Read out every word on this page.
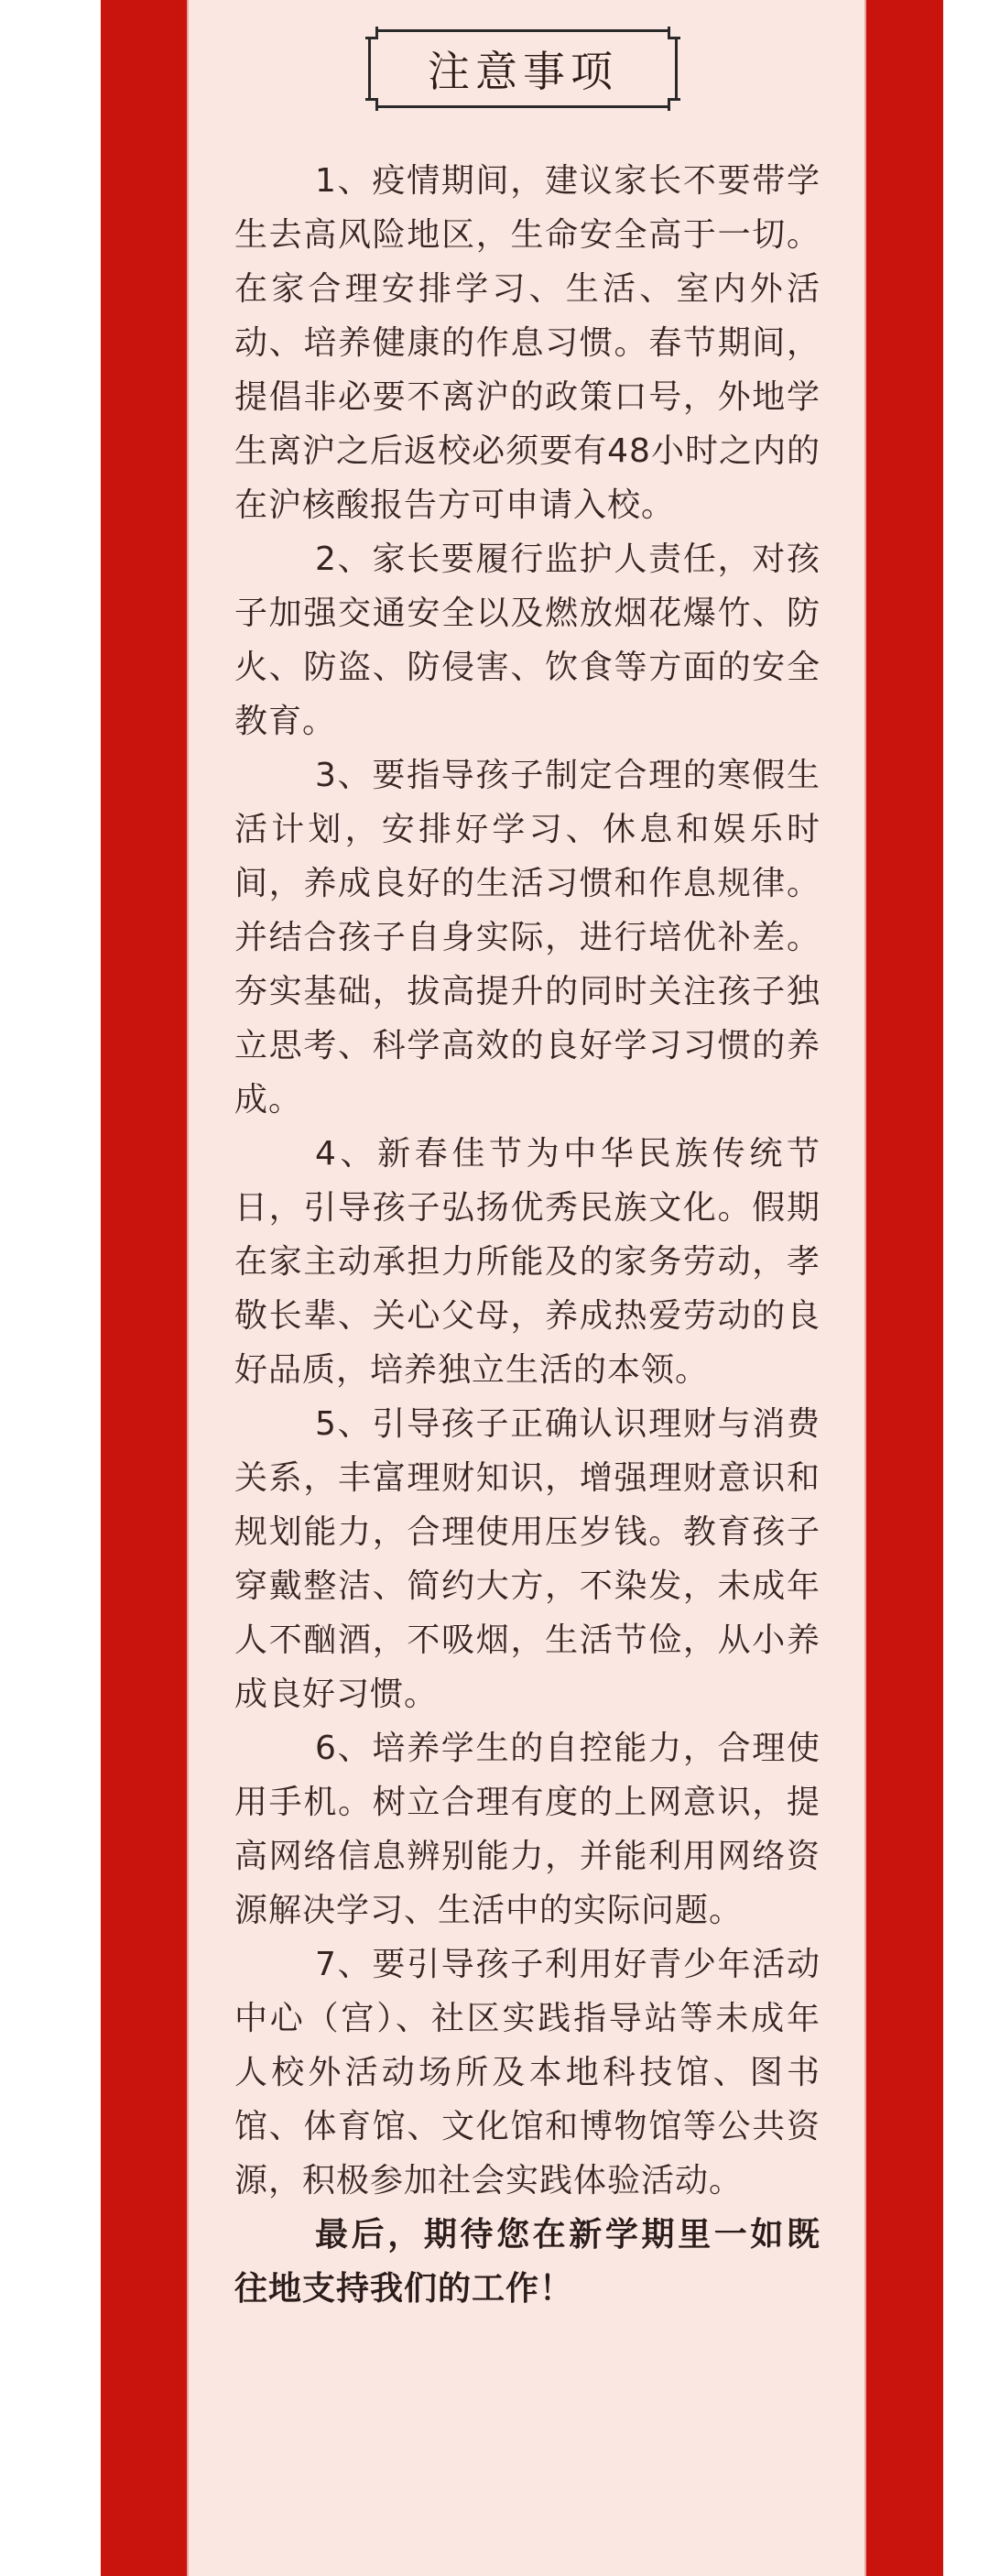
注意事项

1、疫情期间，建议家长不要带学生去高风险地区，生命安全高于一切。在家合理安排学习、生活、室内外活动、培养健康的作息习惯。春节期间，提倡非必要不离沪的政策口号，外地学生离沪之后返校必须要有48小时之内的在沪核酸报告方可申请入校。

2、家长要履行监护人责任，对孩子加强交通安全以及燃放烟花爆竹、防火、防盗、防侵害、饮食等方面的安全教育。

3、要指导孩子制定合理的寒假生活计划，安排好学习、休息和娱乐时间，养成良好的生活习惯和作息规律。并结合孩子自身实际，进行培优补差。夯实基础，拔高提升的同时关注孩子独立思考、科学高效的良好学习习惯的养成。

4、新春佳节为中华民族传统节日，引导孩子弘扬优秀民族文化。假期在家主动承担力所能及的家务劳动，孝敬长辈、关心父母，养成热爱劳动的良好品质，培养独立生活的本领。

5、引导孩子正确认识理财与消费关系，丰富理财知识，增强理财意识和规划能力，合理使用压岁钱。教育孩子穿戴整洁、简约大方，不染发，未成年人不酗酒，不吸烟，生活节俭，从小养成良好习惯。

6、培养学生的自控能力，合理使用手机。树立合理有度的上网意识，提高网络信息辨别能力，并能利用网络资源解决学习、生活中的实际问题。

7、要引导孩子利用好青少年活动中心（宫）、社区实践指导站等未成年人校外活动场所及本地科技馆、图书馆、体育馆、文化馆和博物馆等公共资源，积极参加社会实践体验活动。

最后，期待您在新学期里一如既往地支持我们的工作！
